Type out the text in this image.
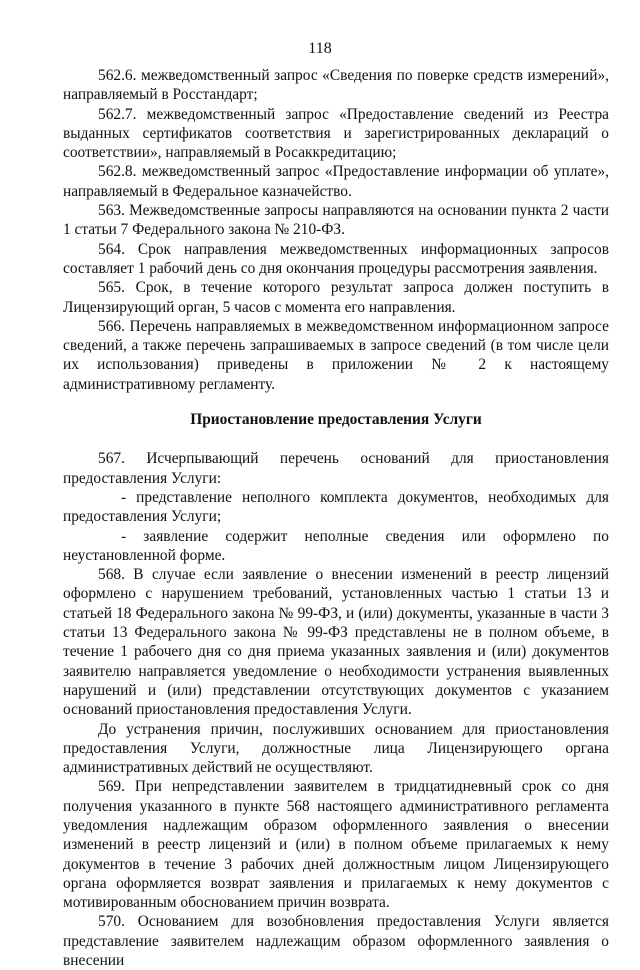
118

562.6. межведомственный запрос «Сведения по поверке средств измерений», направляемый в Росстандарт;

562.7. межведомственный запрос «Предоставление сведений из Реестра выданных сертификатов соответствия и зарегистрированных деклараций о соответствии», направляемый в Росаккредитацию;

562.8. межведомственный запрос «Предоставление информации об уплате», направляемый в Федеральное казначейство.

563. Межведомственные запросы направляются на основании пункта 2 части 1 статьи 7 Федерального закона № 210-ФЗ.

564. Срок направления межведомственных информационных запросов составляет 1 рабочий день со дня окончания процедуры рассмотрения заявления.

565. Срок, в течение которого результат запроса должен поступить в Лицензирующий орган, 5 часов с момента его направления.

566. Перечень направляемых в межведомственном информационном запросе сведений, а также перечень запрашиваемых в запросе сведений (в том числе цели их использования) приведены в приложении № 2 к настоящему административному регламенту.

Приостановление предоставления Услуги

567. Исчерпывающий перечень оснований для приостановления предоставления Услуги:

- представление неполного комплекта документов, необходимых для предоставления Услуги;

- заявление содержит неполные сведения или оформлено по неустановленной форме.

568. В случае если заявление о внесении изменений в реестр лицензий оформлено с нарушением требований, установленных частью 1 статьи 13 и статьей 18 Федерального закона № 99-ФЗ, и (или) документы, указанные в части 3 статьи 13 Федерального закона № 99-ФЗ представлены не в полном объеме, в течение 1 рабочего дня со дня приема указанных заявления и (или) документов заявителю направляется уведомление о необходимости устранения выявленных нарушений и (или) представлении отсутствующих документов с указанием оснований приостановления предоставления Услуги.

До устранения причин, послуживших основанием для приостановления предоставления Услуги, должностные лица Лицензирующего органа административных действий не осуществляют.

569. При непредставлении заявителем в тридцатидневный срок со дня получения указанного в пункте 568 настоящего административного регламента уведомления надлежащим образом оформленного заявления о внесении изменений в реестр лицензий и (или) в полном объеме прилагаемых к нему документов в течение 3 рабочих дней должностным лицом Лицензирующего органа оформляется возврат заявления и прилагаемых к нему документов с мотивированным обоснованием причин возврата.

570. Основанием для возобновления предоставления Услуги является представление заявителем надлежащим образом оформленного заявления о внесении
